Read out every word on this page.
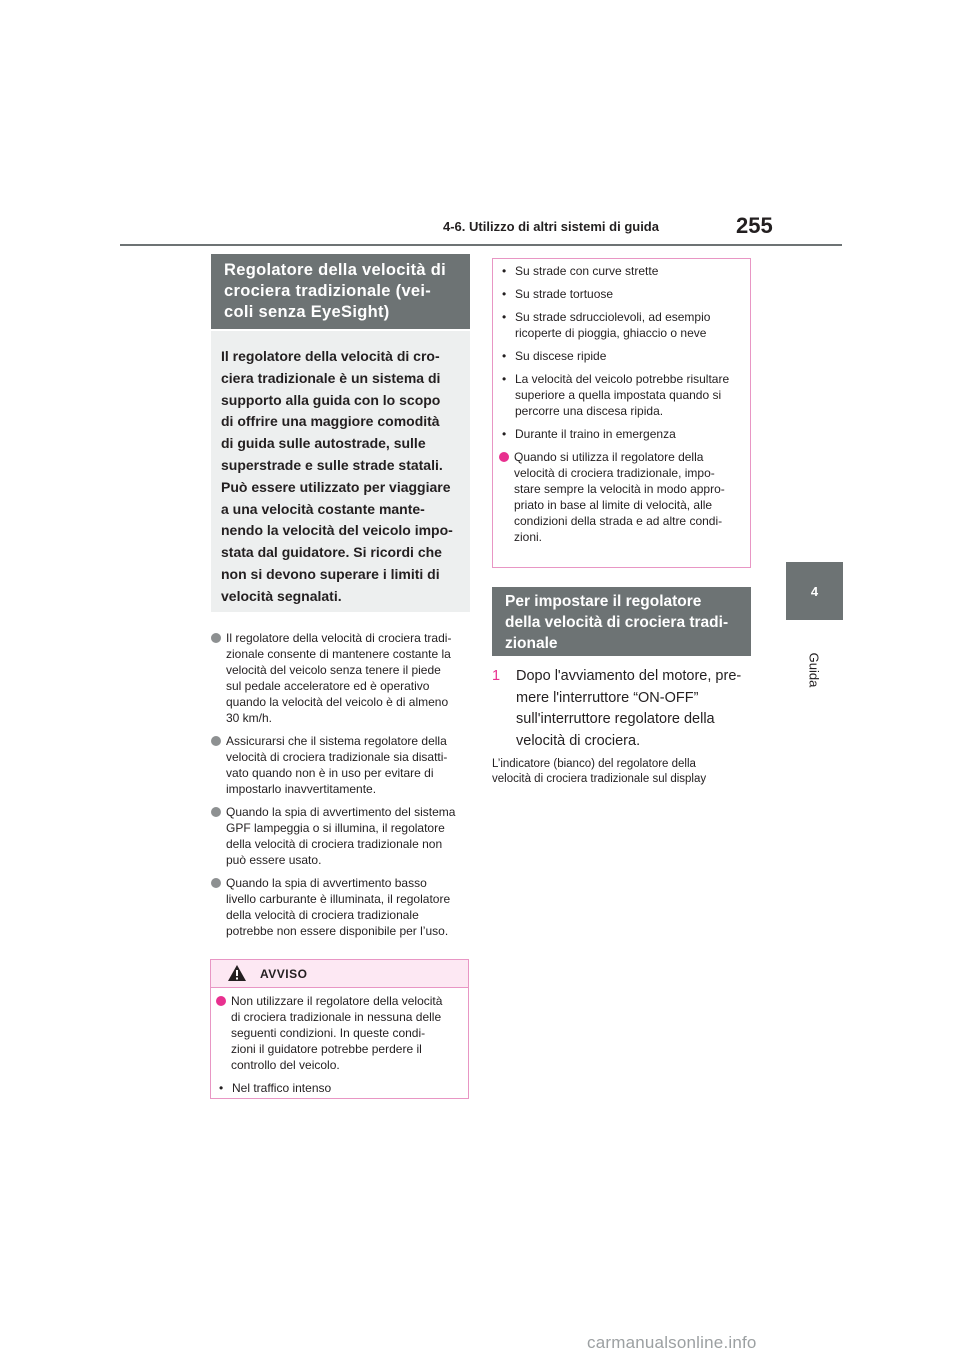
4-6. Utilizzo di altri sistemi di guida	255
4
Guida
Regolatore della velocità di
crociera tradizionale (vei-
coli senza EyeSight)
Il regolatore della velocità di cro-
ciera tradizionale è un sistema di
supporto alla guida con lo scopo
di offrire una maggiore comodità
di guida sulle autostrade, sulle
superstrade e sulle strade statali.
Può essere utilizzato per viaggiare
a una velocità costante mante-
nendo la velocità del veicolo impo-
stata dal guidatore. Si ricordi che
non si devono superare i limiti di
velocità segnalati.
Il regolatore della velocità di crociera tradi-
zionale consente di mantenere costante la
velocità del veicolo senza tenere il piede
sul pedale acceleratore ed è operativo
quando la velocità del veicolo è di almeno
30 km/h.
Assicurarsi che il sistema regolatore della
velocità di crociera tradizionale sia disatti-
vato quando non è in uso per evitare di
impostarlo inavvertitamente.
Quando la spia di avvertimento del sistema
GPF lampeggia o si illumina, il regolatore
della velocità di crociera tradizionale non
può essere usato.
Quando la spia di avvertimento basso
livello carburante è illuminata, il regolatore
della velocità di crociera tradizionale
potrebbe non essere disponibile per l’uso.
AVVISO
Non utilizzare il regolatore della velocità
di crociera tradizionale in nessuna delle
seguenti condizioni. In queste condi-
zioni il guidatore potrebbe perdere il
controllo del veicolo.
• Nel traffico intenso
• Su strade con curve strette
• Su strade tortuose
• Su strade sdrucciolevoli, ad esempio
ricoperte di pioggia, ghiaccio o neve
• Su discese ripide
• La velocità del veicolo potrebbe risultare
superiore a quella impostata quando si
percorre una discesa ripida.
• Durante il traino in emergenza
Quando si utilizza il regolatore della
velocità di crociera tradizionale, impo-
stare sempre la velocità in modo appro-
priato in base al limite di velocità, alle
condizioni della strada e ad altre condi-
zioni.
Per impostare il regolatore
della velocità di crociera tradi-
zionale
1 Dopo l'avviamento del motore, pre-
mere l'interruttore “ON-OFF”
sull'interruttore regolatore della
velocità di crociera.
L’indicatore (bianco) del regolatore della
velocità di crociera tradizionale sul display
carmanualsonline.info
